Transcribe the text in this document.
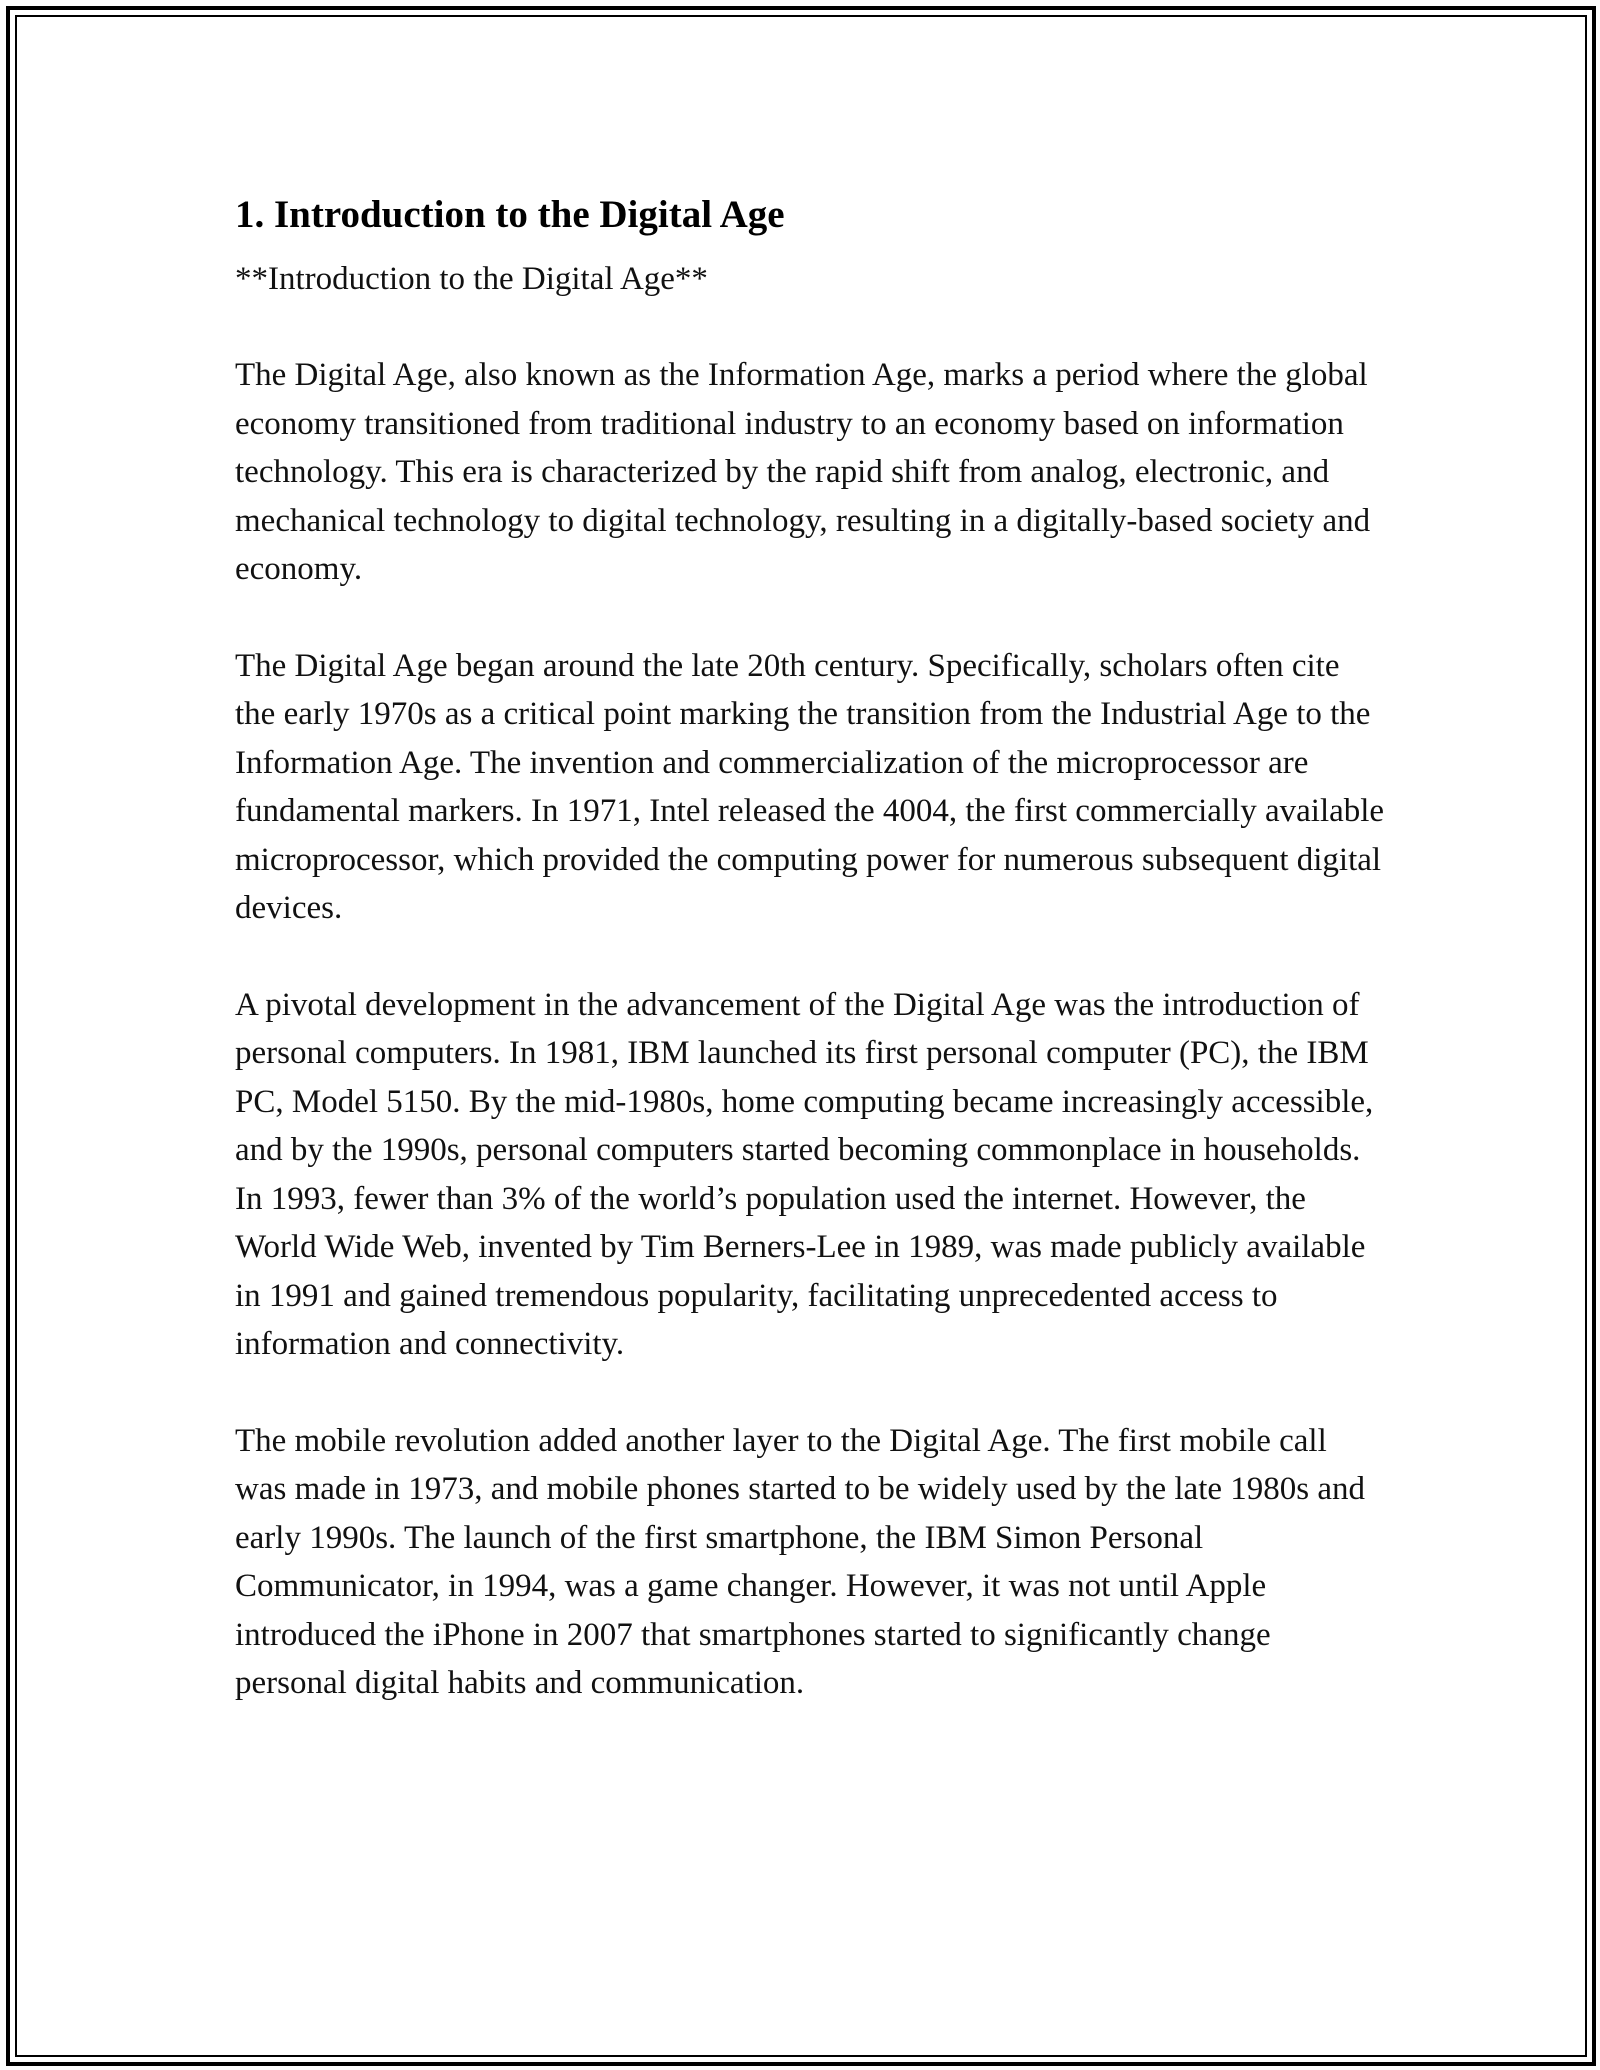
1. Introduction to the Digital Age

**Introduction to the Digital Age**

The Digital Age, also known as the Information Age, marks a period where the global economy transitioned from traditional industry to an economy based on information technology. This era is characterized by the rapid shift from analog, electronic, and mechanical technology to digital technology, resulting in a digitally-based society and economy.

The Digital Age began around the late 20th century. Specifically, scholars often cite the early 1970s as a critical point marking the transition from the Industrial Age to the Information Age. The invention and commercialization of the microprocessor are fundamental markers. In 1971, Intel released the 4004, the first commercially available microprocessor, which provided the computing power for numerous subsequent digital devices.

A pivotal development in the advancement of the Digital Age was the introduction of personal computers. In 1981, IBM launched its first personal computer (PC), the IBM PC, Model 5150. By the mid-1980s, home computing became increasingly accessible, and by the 1990s, personal computers started becoming commonplace in households. In 1993, fewer than 3% of the world’s population used the internet. However, the World Wide Web, invented by Tim Berners-Lee in 1989, was made publicly available in 1991 and gained tremendous popularity, facilitating unprecedented access to information and connectivity.

The mobile revolution added another layer to the Digital Age. The first mobile call was made in 1973, and mobile phones started to be widely used by the late 1980s and early 1990s. The launch of the first smartphone, the IBM Simon Personal Communicator, in 1994, was a game changer. However, it was not until Apple introduced the iPhone in 2007 that smartphones started to significantly change personal digital habits and communication.
